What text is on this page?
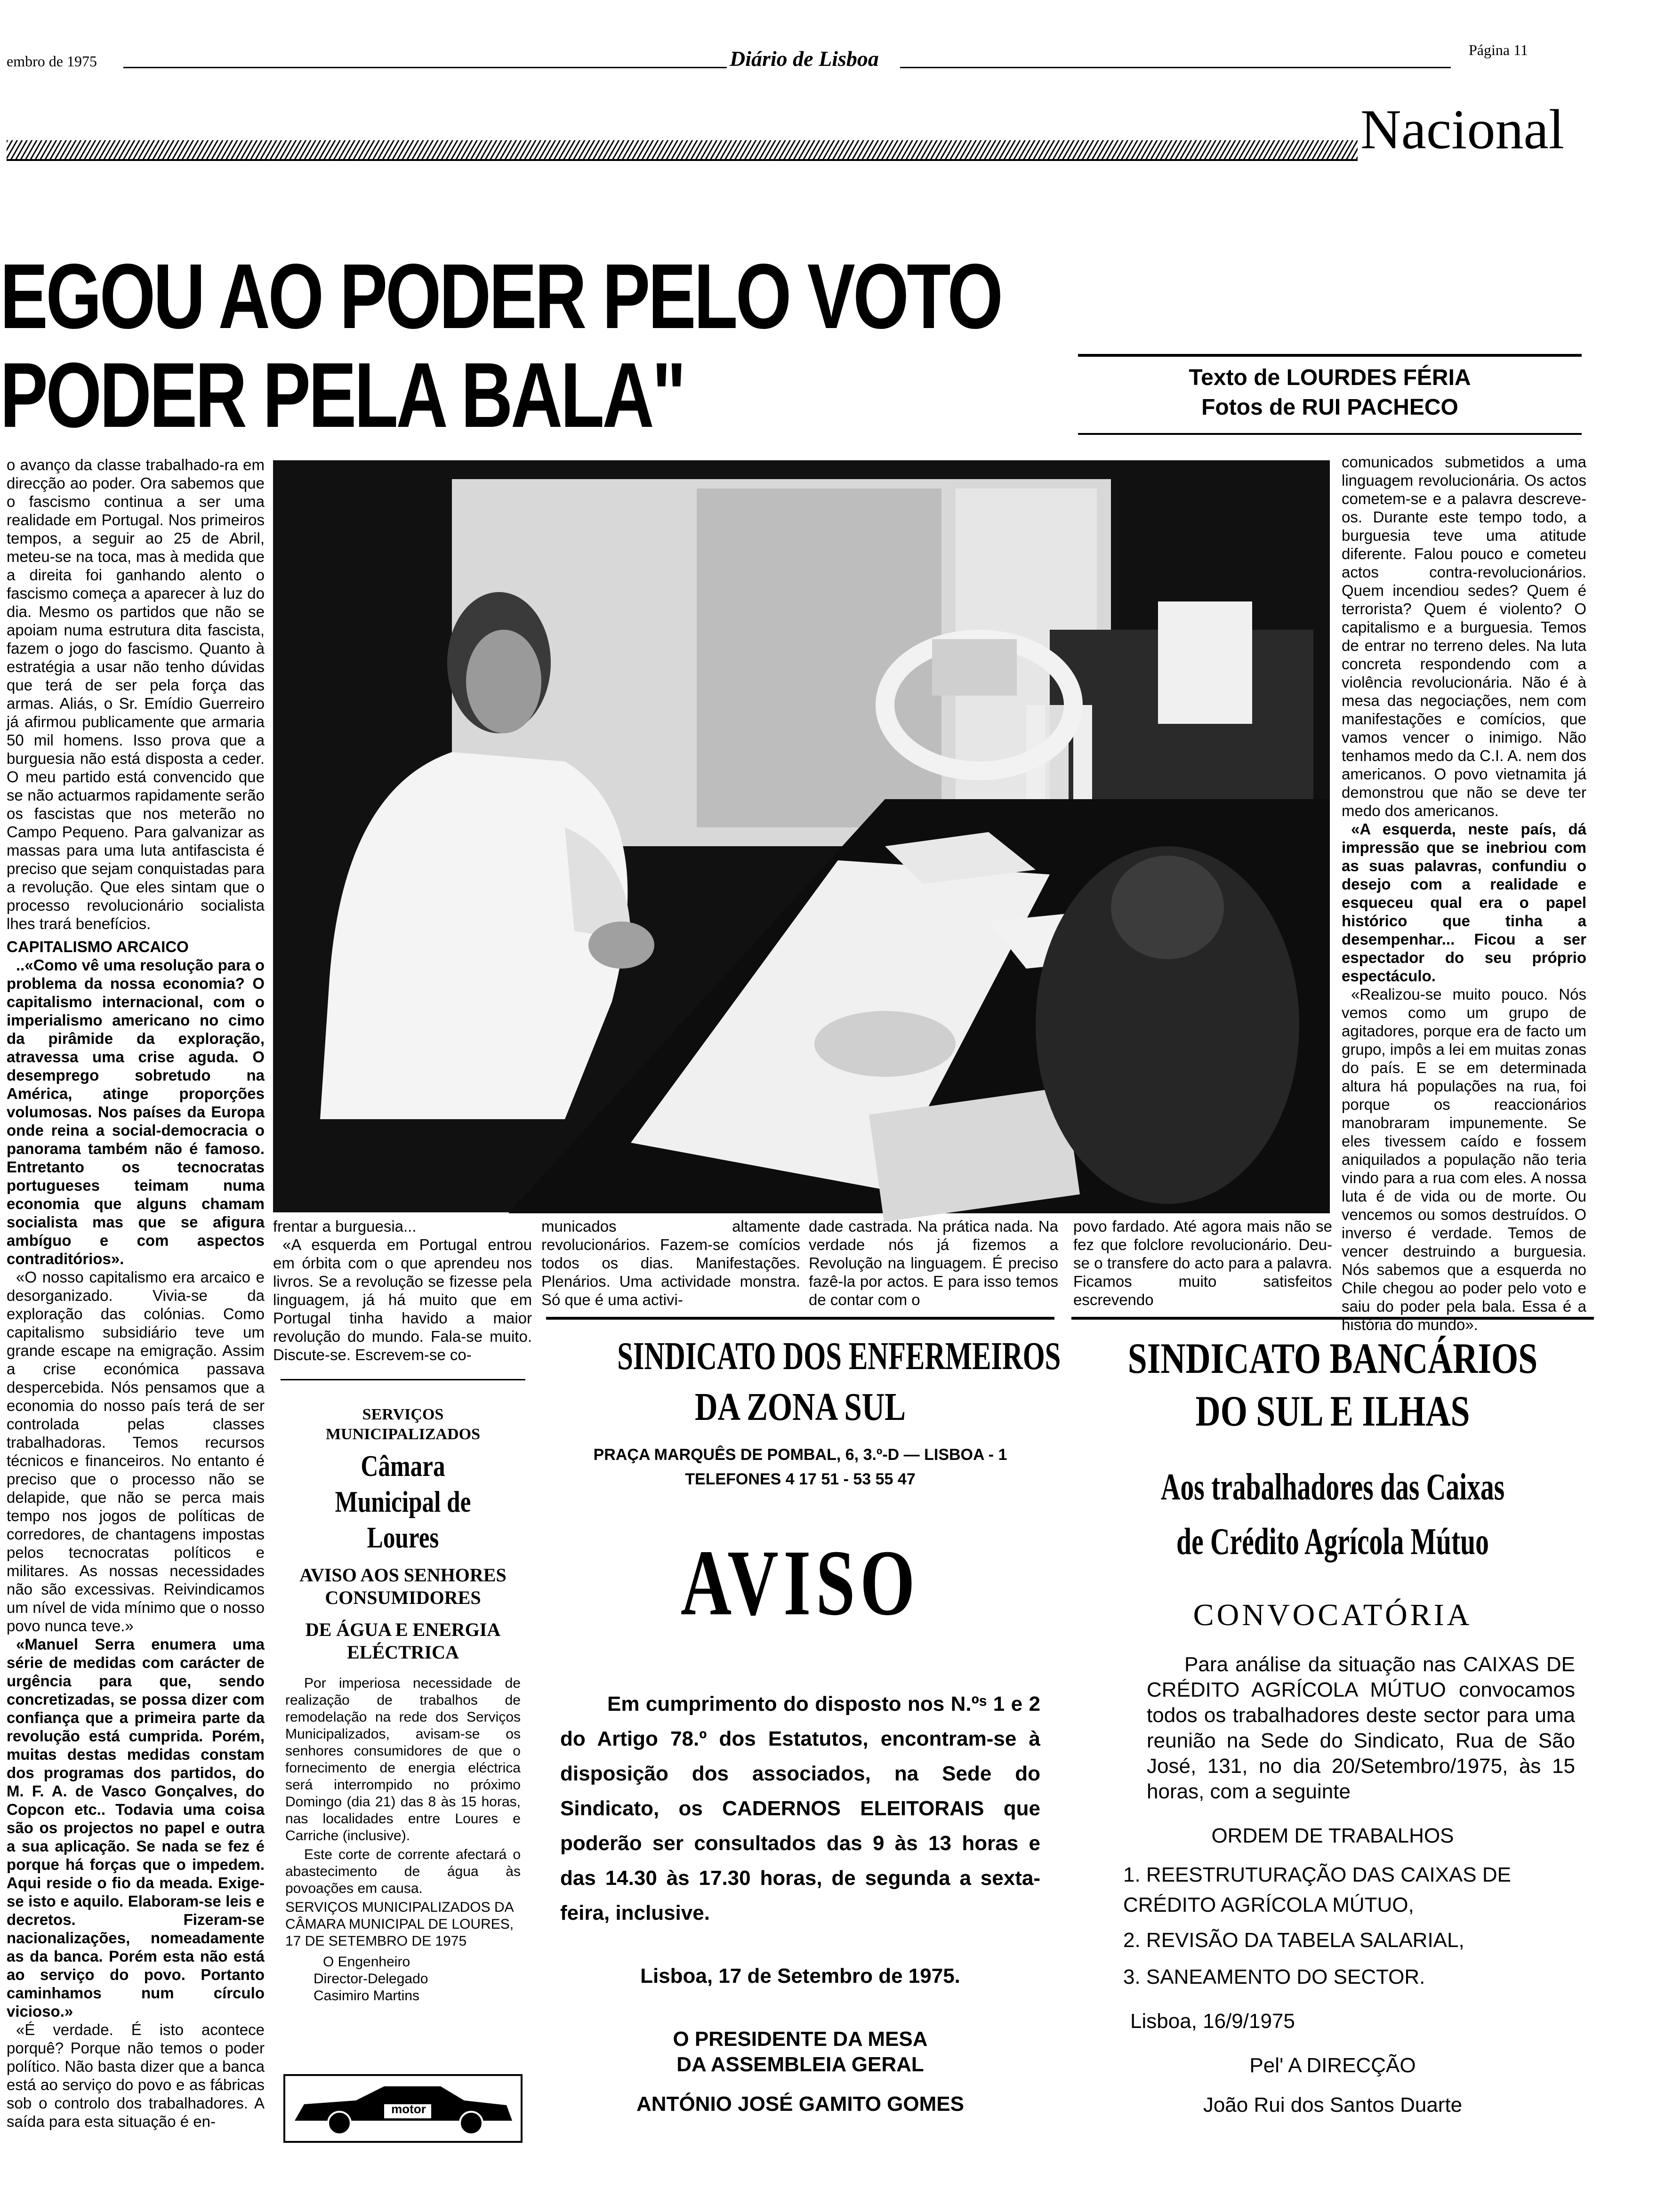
embro de 1975	Diário de Lisboa	Página 11
Nacional
EGOU AO PODER PELO VOTO
PODER PELA BALA"	Texto de LOURDES FÉRIA
Fotos de RUI PACHECO

o avanço da classe trabalhado-ra em direcção ao poder. Ora sabemos que o fascismo continua a ser uma realidade em Portugal. Nos primeiros tempos, a seguir ao 25 de Abril, meteu-se na toca, mas à medida que a direita foi ganhando alento o fascismo começa a aparecer à luz do dia. Mesmo os partidos que não se apoiam numa estrutura dita fascista, fazem o jogo do fascismo. Quanto à estratégia a usar não tenho dúvidas que terá de ser pela força das armas. Aliás, o Sr. Emídio Guerreiro já afirmou publicamente que armaria 50 mil homens. Isso prova que a burguesia não está disposta a ceder. O meu partido está convencido que se não actuarmos rapidamente serão os fascistas que nos meterão no Campo Pequeno. Para galvanizar as massas para uma luta antifascista é preciso que sejam conquistadas para a revolução. Que eles sintam que o processo revolucionário socialista lhes trará benefícios.

CAPITALISMO ARCAICO

..«Como vê uma resolução para o problema da nossa economia? O capitalismo internacional, com o imperialismo americano no cimo da pirâmide da exploração, atravessa uma crise aguda. O desemprego sobretudo na América, atinge proporções volumosas. Nos países da Europa onde reina a social-democracia o panorama também não é famoso. Entretanto os tecnocratas portugueses teimam numa economia que alguns chamam socialista mas que se afigura ambíguo e com aspectos contraditórios».

«O nosso capitalismo era arcaico e desorganizado. Vivia-se da exploração das colónias. Como capitalismo subsidiário teve um grande escape na emigração. Assim a crise económica passava despercebida. Nós pensamos que a economia do nosso país terá de ser controlada pelas classes trabalhadoras. Temos recursos técnicos e financeiros. No entanto é preciso que o processo não se delapide, que não se perca mais tempo nos jogos de políticas de corredores, de chantagens impostas pelos tecnocratas políticos e militares. As nossas necessidades não são excessivas. Reivindicamos um nível de vida mínimo que o nosso povo nunca teve.»

«Manuel Serra enumera uma série de medidas com carácter de urgência para que, sendo concretizadas, se possa dizer com confiança que a primeira parte da revolução está cumprida. Porém, muitas destas medidas constam dos programas dos partidos, do M. F. A. de Vasco Gonçalves, do Copcon etc.. Todavia uma coisa são os projectos no papel e outra a sua aplicação. Se nada se fez é porque há forças que o impedem. Aqui reside o fio da meada. Exige-se isto e aquilo. Elaboram-se leis e decretos. Fizeram-se nacionalizações, nomeadamente as da banca. Porém esta não está ao serviço do povo. Portanto caminhamos num círculo vicioso.»

«É verdade. É isto acontece porquê? Porque não temos o poder político. Não basta dizer que a banca está ao serviço do povo e as fábricas sob o controlo dos trabalhadores. A saída para esta situação é en-

frentar a burguesia...

«A esquerda em Portugal entrou em órbita com o que aprendeu nos livros. Se a revolução se fizesse pela linguagem, já há muito que em Portugal tinha havido a maior revolução do mundo. Fala-se muito. Discute-se. Escrevem-se co-

municados altamente revolucionários. Fazem-se comícios todos os dias. Manifestações. Plenários. Uma actividade monstra. Só que é uma activi-

dade castrada. Na prática nada. Na verdade nós já fizemos a Revolução na linguagem. É preciso fazê-la por actos. E para isso temos de contar com o

povo fardado. Até agora mais não se fez que folclore revolucionário. Deu-se o transfere do acto para a palavra. Ficamos muito satisfeitos escrevendo

comunicados submetidos a uma linguagem revolucionária. Os actos cometem-se e a palavra descreve-os. Durante este tempo todo, a burguesia teve uma atitude diferente. Falou pouco e cometeu actos contra-revolucionários. Quem incendiou sedes? Quem é terrorista? Quem é violento? O capitalismo e a burguesia. Temos de entrar no terreno deles. Na luta concreta respondendo com a violência revolucionária. Não é à mesa das negociações, nem com manifestações e comícios, que vamos vencer o inimigo. Não tenhamos medo da C.I. A. nem dos americanos. O povo vietnamita já demonstrou que não se deve ter medo dos americanos.

«A esquerda, neste país, dá impressão que se inebriou com as suas palavras, confundiu o desejo com a realidade e esqueceu qual era o papel histórico que tinha a desempenhar... Ficou a ser espectador do seu próprio espectáculo.

«Realizou-se muito pouco. Nós vemos como um grupo de agitadores, porque era de facto um grupo, impôs a lei em muitas zonas do país. E se em determinada altura há populações na rua, foi porque os reaccionários manobraram impunemente. Se eles tivessem caído e fossem aniquilados a população não teria vindo para a rua com eles. A nossa luta é de vida ou de morte. Ou vencemos ou somos destruídos. O inverso é verdade. Temos de vencer destruindo a burguesia. Nós sabemos que a esquerda no Chile chegou ao poder pelo voto e saiu do poder pela bala. Essa é a história do mundo».

SERVIÇOS MUNICIPALIZADOS
Câmara Municipal de Loures
AVISO AOS SENHORES CONSUMIDORES
DE ÁGUA E ENERGIA ELÉCTRICA
Por imperiosa necessidade de realização de trabalhos de remodelação na rede dos Serviços Municipalizados, avisam-se os senhores consumidores de que o fornecimento de energia eléctrica será interrompido no próximo Domingo (dia 21) das 8 às 15 horas, nas localidades entre Loures e Carriche (inclusive).
Este corte de corrente afectará o abastecimento de água às povoações em causa.
SERVIÇOS MUNICIPALIZADOS DA CÂMARA MUNICIPAL DE LOURES, 17 DE SETEMBRO DE 1975
O Engenheiro
Director-Delegado
Casimiro Martins
motor
SINDICATO DOS ENFERMEIROS
DA ZONA SUL
PRAÇA MARQUÊS DE POMBAL, 6, 3.º-D — LISBOA - 1
TELEFONES 4 17 51 - 53 55 47
AVISO
Em cumprimento do disposto nos N.ºˢ 1 e 2 do Artigo 78.º dos Estatutos, encontram-se à disposição dos associados, na Sede do Sindicato, os CADERNOS ELEITORAIS que poderão ser consultados das 9 às 13 horas e das 14.30 às 17.30 horas, de segunda a sexta-feira, inclusive.
Lisboa, 17 de Setembro de 1975.
O PRESIDENTE DA MESA
DA ASSEMBLEIA GERAL
ANTÓNIO JOSÉ GAMITO GOMES
SINDICATO BANCÁRIOS
DO SUL E ILHAS
Aos trabalhadores das Caixas
de Crédito Agrícola Mútuo
CONVOCATÓRIA
Para análise da situação nas CAIXAS DE CRÉDITO AGRÍCOLA MÚTUO convocamos todos os trabalhadores deste sector para uma reunião na Sede do Sindicato, Rua de São José, 131, no dia 20/Setembro/1975, às 15 horas, com a seguinte
ORDEM DE TRABALHOS
1. REESTRUTURAÇÃO DAS CAIXAS DE CRÉDITO AGRÍCOLA MÚTUO,
2. REVISÃO DA TABELA SALARIAL,
3. SANEAMENTO DO SECTOR.
Lisboa, 16/9/1975
Pel' A DIRECÇÃO
João Rui dos Santos Duarte
